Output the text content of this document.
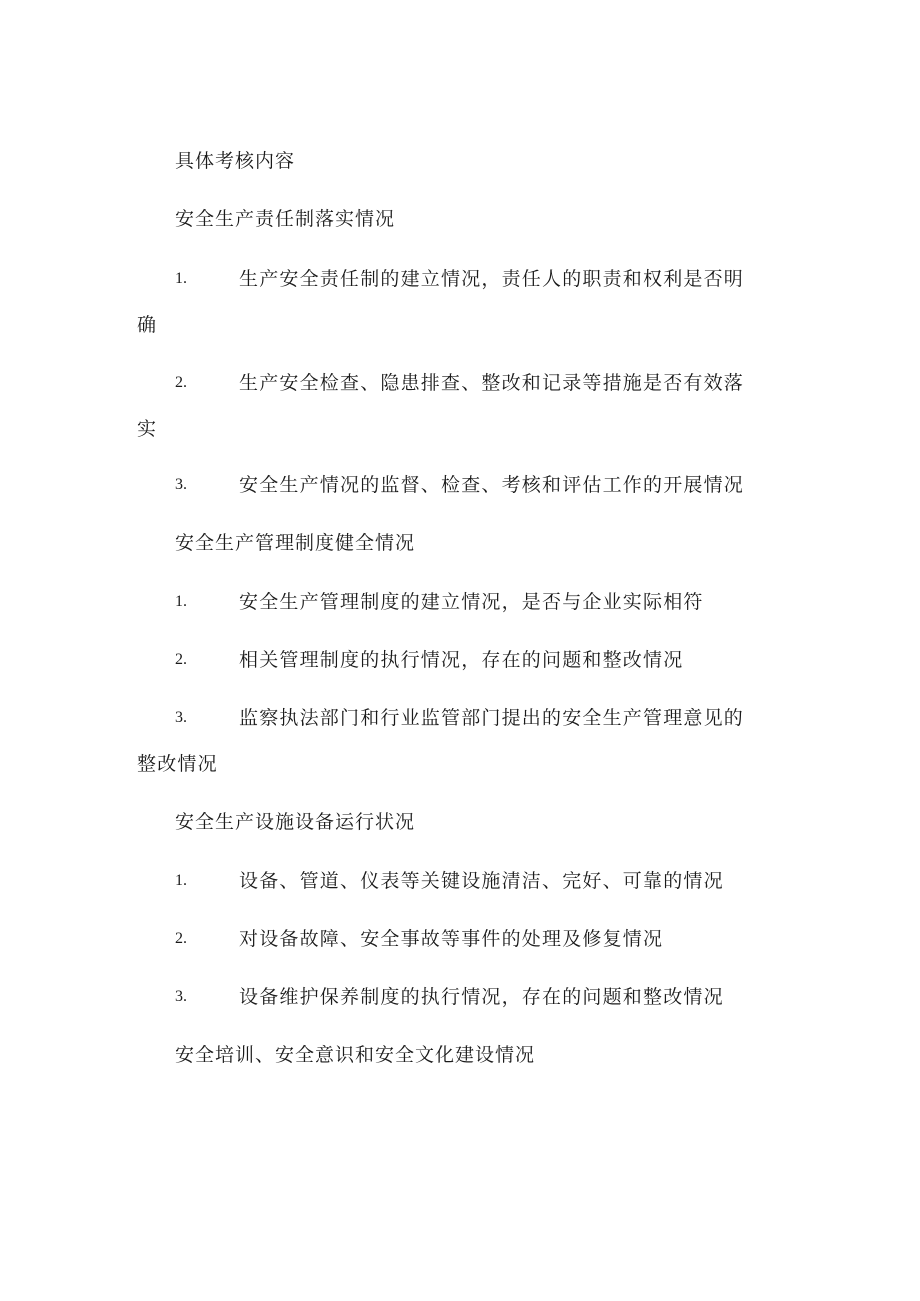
具体考核内容
安全生产责任制落实情况
1.	生产安全责任制的建立情况，责任人的职责和权利是否明
确
2.	生产安全检查、隐患排查、整改和记录等措施是否有效落
实
3.	安全生产情况的监督、检查、考核和评估工作的开展情况
安全生产管理制度健全情况
1.	安全生产管理制度的建立情况，是否与企业实际相符
2.	相关管理制度的执行情况，存在的问题和整改情况
3.	监察执法部门和行业监管部门提出的安全生产管理意见的
整改情况
安全生产设施设备运行状况
1.	设备、管道、仪表等关键设施清洁、完好、可靠的情况
2.	对设备故障、安全事故等事件的处理及修复情况
3.	设备维护保养制度的执行情况，存在的问题和整改情况
安全培训、安全意识和安全文化建设情况
